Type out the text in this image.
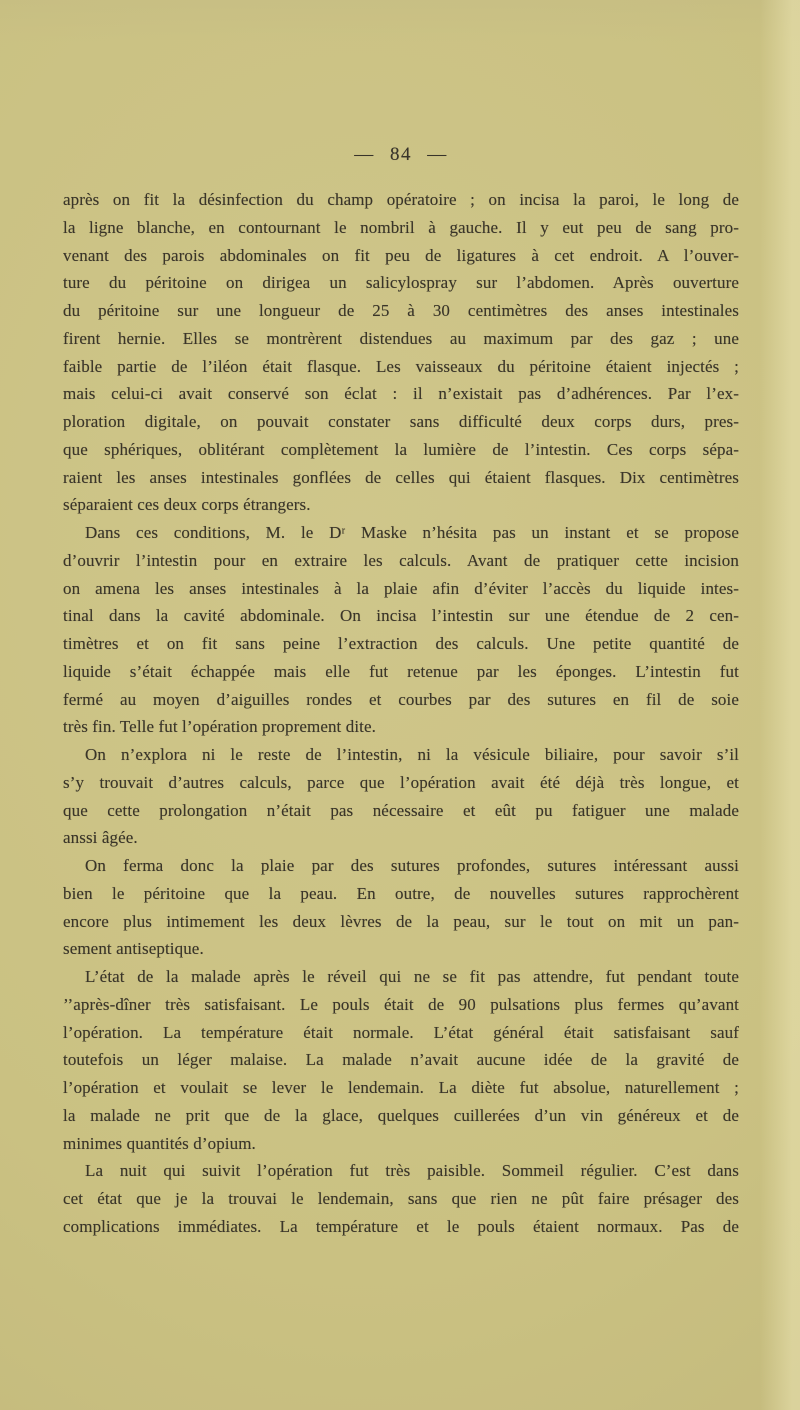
— 84 —
après on fit la désinfection du champ opératoire ; on incisa la paroi, le long de
la ligne blanche, en contournant le nombril à gauche. Il y eut peu de sang pro-
venant des parois abdominales on fit peu de ligatures à cet endroit. A l’ouver-
ture du péritoine on dirigea un salicylospray sur l’abdomen. Après ouverture
du péritoine sur une longueur de 25 à 30 centimètres des anses intestinales
firent hernie. Elles se montrèrent distendues au maximum par des gaz ; une
faible partie de l’iléon était flasque. Les vaisseaux du péritoine étaient injectés ;
mais celui-ci avait conservé son éclat : il n’existait pas d’adhérences. Par l’ex-
ploration digitale, on pouvait constater sans difficulté deux corps durs, pres-
que sphériques, oblitérant complètement la lumière de l’intestin. Ces corps sépa-
raient les anses intestinales gonflées de celles qui étaient flasques. Dix centimètres
séparaient ces deux corps étrangers.
Dans ces conditions, M. le Dʳ Maske n’hésita pas un instant et se propose
d’ouvrir l’intestin pour en extraire les calculs. Avant de pratiquer cette incision
on amena les anses intestinales à la plaie afin d’éviter l’accès du liquide intes-
tinal dans la cavité abdominale. On incisa l’intestin sur une étendue de 2 cen-
timètres et on fit sans peine l’extraction des calculs. Une petite quantité de
liquide s’était échappée mais elle fut retenue par les éponges. L’intestin fut
fermé au moyen d’aiguilles rondes et courbes par des sutures en fil de soie
très fin. Telle fut l’opération proprement dite.
On n’explora ni le reste de l’intestin, ni la vésicule biliaire, pour savoir s’il
s’y trouvait d’autres calculs, parce que l’opération avait été déjà très longue, et
que cette prolongation n’était pas nécessaire et eût pu fatiguer une malade
anssi âgée.
On ferma donc la plaie par des sutures profondes, sutures intéressant aussi
bien le péritoine que la peau. En outre, de nouvelles sutures rapprochèrent
encore plus intimement les deux lèvres de la peau, sur le tout on mit un pan-
sement antiseptique.
L’état de la malade après le réveil qui ne se fit pas attendre, fut pendant toute
’’après-dîner très satisfaisant. Le pouls était de 90 pulsations plus fermes qu’avant
l’opération. La température était normale. L’état général était satisfaisant sauf
toutefois un léger malaise. La malade n’avait aucune idée de la gravité de
l’opération et voulait se lever le lendemain. La diète fut absolue, naturellement ;
la malade ne prit que de la glace, quelques cuillerées d’un vin généreux et de
minimes quantités d’opium.
La nuit qui suivit l’opération fut très paisible. Sommeil régulier. C’est dans
cet état que je la trouvai le lendemain, sans que rien ne pût faire présager des
complications immédiates. La température et le pouls étaient normaux. Pas de
